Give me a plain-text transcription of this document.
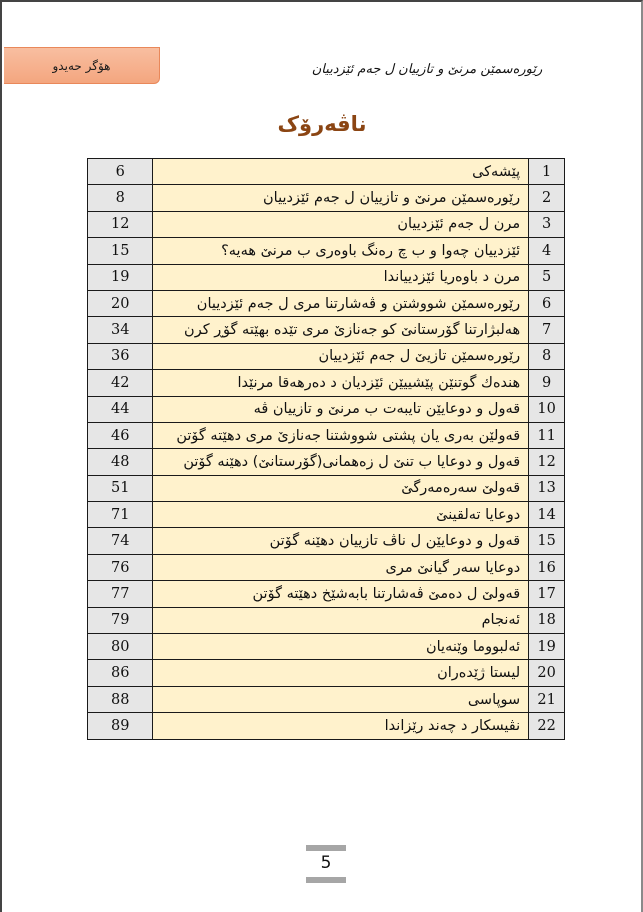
هۆگر حەیدو	رێورەسمێن مرنێ و تازییان ل جەم ئێزدییان
ناڤەرۆک
6	پێشەکی	1
8	رێورەسمێن مرنێ و تازییان ل جەم ئێزدییان	2
12	مرن ل جەم ئێزدییان	3
15	ئێزدییان چەوا و ب چ رەنگ باوەری ب مرنێ هەیە؟	4
19	مرن د باوەریا ئێزدییاندا	5
20	رێورەسمێن شووشتن و ڤەشارتنا مری ل جەم ئێزدییان	6
34	هەلبژارتنا گۆرستانێ کو جەنازێ مری تێدە بهێتە گۆڕ کرن	7
36	رێورەسمێن تازیێ ل جەم ئێزدییان	8
42	هندەك گوتنێن پێشییێن ئێزدیان د دەرهەقا مرنێدا	9
44	قەول و دوعایێن تایبەت ب مرنێ و تازییان ڤە	10
46	قەولێن بەری یان پشتی شووشتنا جەنازێ مری دهێتە گۆتن	11
48	قەول و دوعایا ب تنێ ل زەهمانی(گۆرستانێ) دهێنە گۆتن	12
51	قەولێ سەرەمەرگێ	13
71	دوعایا تەلقینێ	14
74	قەول و دوعایێن ل ناڤ تازییان دهێنە گۆتن	15
76	دوعایا سەر گیانێ مری	16
77	قەولێ ل دەمێ ڤەشارتنا بابەشێخ دهێتە گۆتن	17
79	ئەنجام	18
80	ئەلبووما وێنەیان	19
86	لیستا ژێدەران	20
88	سوپاسی	21
89	نڤیسکار د چەند رێزاندا	22
5
